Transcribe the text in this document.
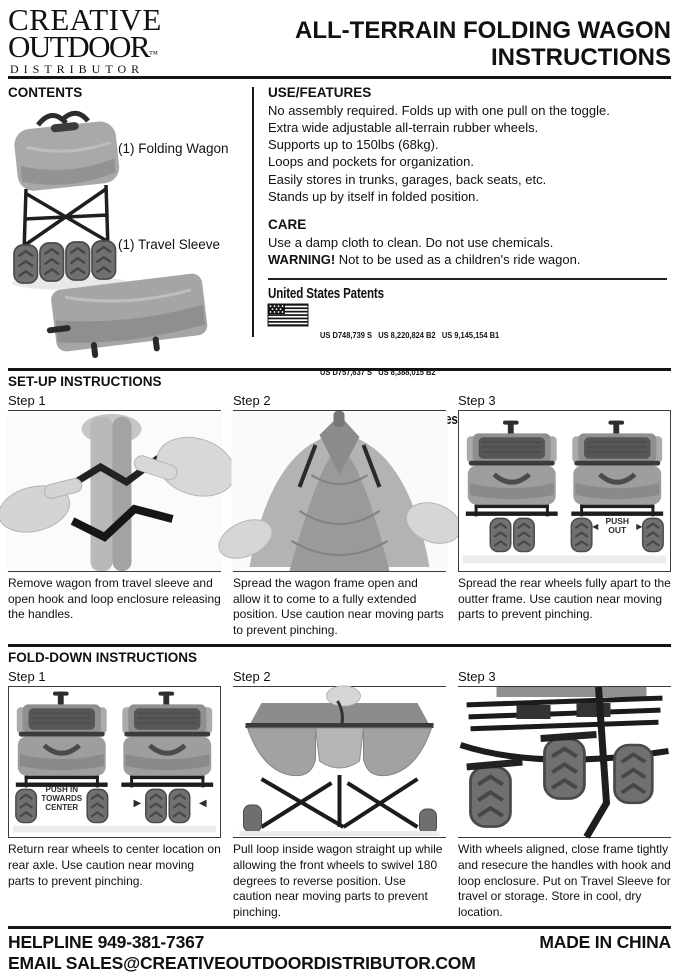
CREATIVE
OUTDOOR™
DISTRIBUTOR
ALL-TERRAIN FOLDING WAGON
INSTRUCTIONS
CONTENTS
(1) Folding Wagon
(1) Travel Sleeve
USE/FEATURES

No assembly required. Folds up with one pull on the toggle.

Extra wide adjustable all-terrain rubber wheels.

Supports up to 150lbs (68kg).

Loops and pockets for organization.

Easily stores in trunks, garages, back seats, etc.

Stands up by itself in folded position.

CARE

Use a damp cloth to clean. Do not use chemicals.

WARNING! Not to be used as a children's ride wagon.

United States Patents

US D748,739 S   US 8,220,824 B2   US 9,145,154 B1

US D757,637 S   US 8,388,015 B2

Design

SET-UP INSTRUCTIONS
Step 1
Remove wagon from travel sleeve and open hook and loop enclosure releasing the handles.
Step 2
Spread the wagon frame open and allow it to come to a fully extended position. Use caution near moving parts to prevent pinching.
Step 3
◀
PUSH OUT	▶
Spread the rear wheels fully apart to the outter frame. Use caution near moving parts to prevent pinching.
FOLD-DOWN INSTRUCTIONS
Step 1
PUSH IN TOWARDS CENTER	▶	◀
Return rear wheels to center location on rear axle. Use caution near moving parts to prevent pinching.
Step 2
Pull loop inside wagon straight up while allowing the front wheels to swivel 180 degrees to reverse position. Use caution near moving parts to prevent pinching.
Step 3
With wheels aligned, close frame tightly and resecure the handles with hook and loop enclosure. Put on Travel Sleeve for travel or storage. Store in cool, dry location.
HELPLINE 949-381-7367	MADE IN CHINA
EMAIL SALES@CREATIVEOUTDOORDISTRIBUTOR.COM
